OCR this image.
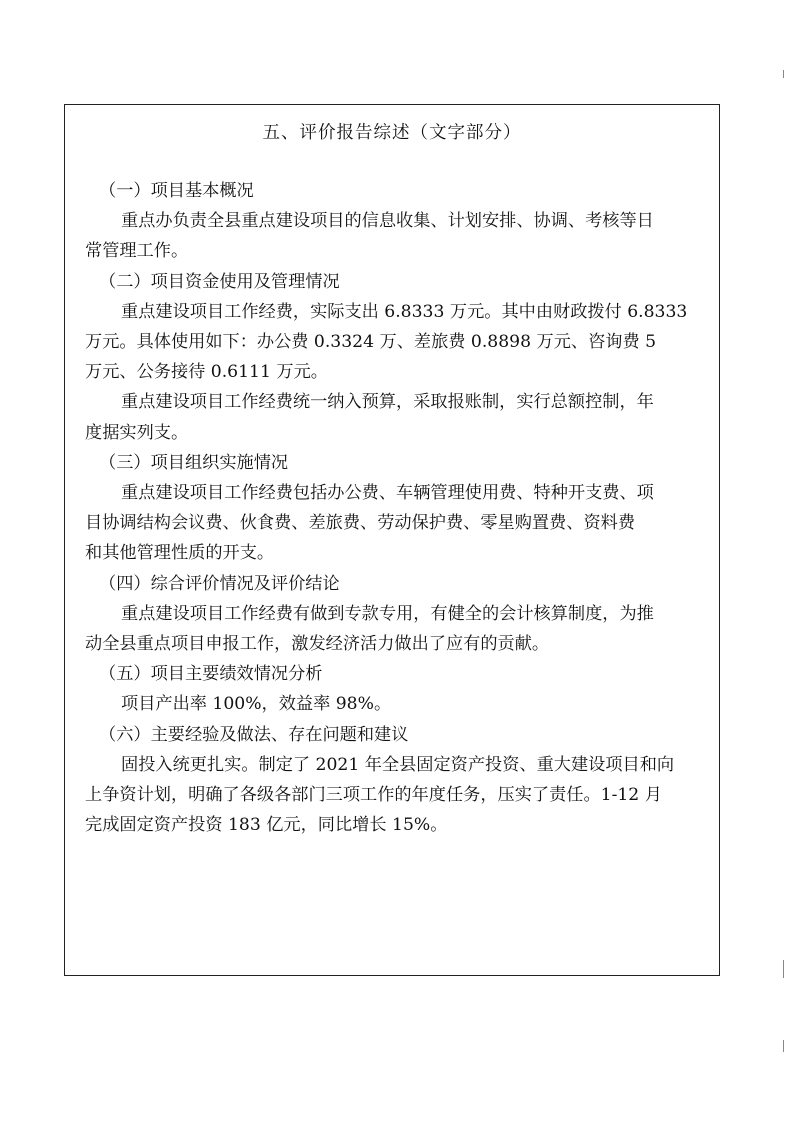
五、评价报告综述（文字部分）
（一）项目基本概况
重点办负责全县重点建设项目的信息收集、计划安排、协调、考核等日
常管理工作。
（二）项目资金使用及管理情况
重点建设项目工作经费，实际支出 6.8333 万元。其中由财政拨付 6.8333
万元。具体使用如下：办公费 0.3324 万、差旅费 0.8898 万元、咨询费 5
万元、公务接待 0.6111 万元。
重点建设项目工作经费统一纳入预算，采取报账制，实行总额控制，年
度据实列支。
（三）项目组织实施情况
重点建设项目工作经费包括办公费、车辆管理使用费、特种开支费、项
目协调结构会议费、伙食费、差旅费、劳动保护费、零星购置费、资料费
和其他管理性质的开支。
（四）综合评价情况及评价结论
重点建设项目工作经费有做到专款专用，有健全的会计核算制度，为推
动全县重点项目申报工作，激发经济活力做出了应有的贡献。
（五）项目主要绩效情况分析
项目产出率 100%，效益率 98%。
（六）主要经验及做法、存在问题和建议
固投入统更扎实。制定了 2021 年全县固定资产投资、重大建设项目和向
上争资计划，明确了各级各部门三项工作的年度任务，压实了责任。1-12 月
完成固定资产投资 183 亿元，同比增长 15%。
